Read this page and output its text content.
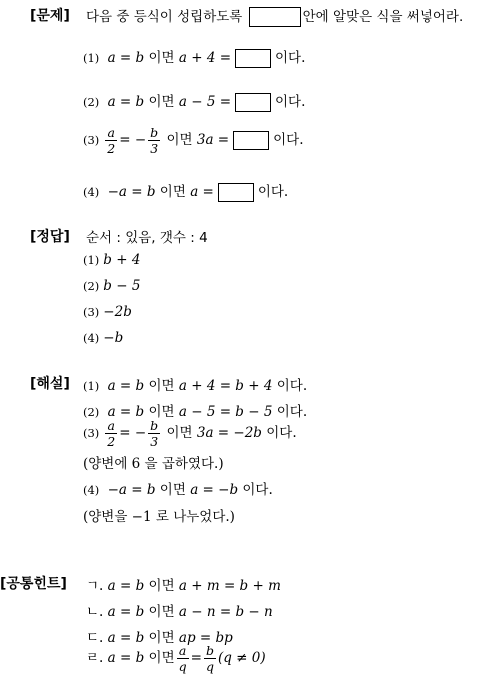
[문제] 다음 중 등식이 성립하도록	안에 알맞은 식을 써넣어라.
(1) a = b 이면 a + 4 =	이다.
(2) a = b 이면 a − 5 =	이다.
$(3) \frac{a}{2}$ = − $\frac{b}{3}$ 이면 3a =	이다.
(4) −a = b 이면 a =	이다.
[정답] 순서 : 있음, 갯수 : 4
(1) b + 4
(2) b − 5
(3) −2b
(4) −b
[해설] (1) a = b 이면 a + 4 = b + 4 이다.
(2) a = b 이면 a − 5 = b − 5 이다.
$(3) \frac{a}{2}$ = − $\frac{b}{3}$ 이면 3a = −2b 이다.
(양변에 6 을 곱하였다.)
(4) −a = b 이면 a = −b 이다.
(양변을 −1 로 나누었다.)
[공통힌트] ㄱ. a = b 이면 a + m = b + m
ㄴ. a = b 이면 a − n = b − n
ㄷ. a = b 이면 ap = bp
ㄹ. a = b 이면 $\frac{a}{q} = \frac{b}{q} (q \ne 0)$
